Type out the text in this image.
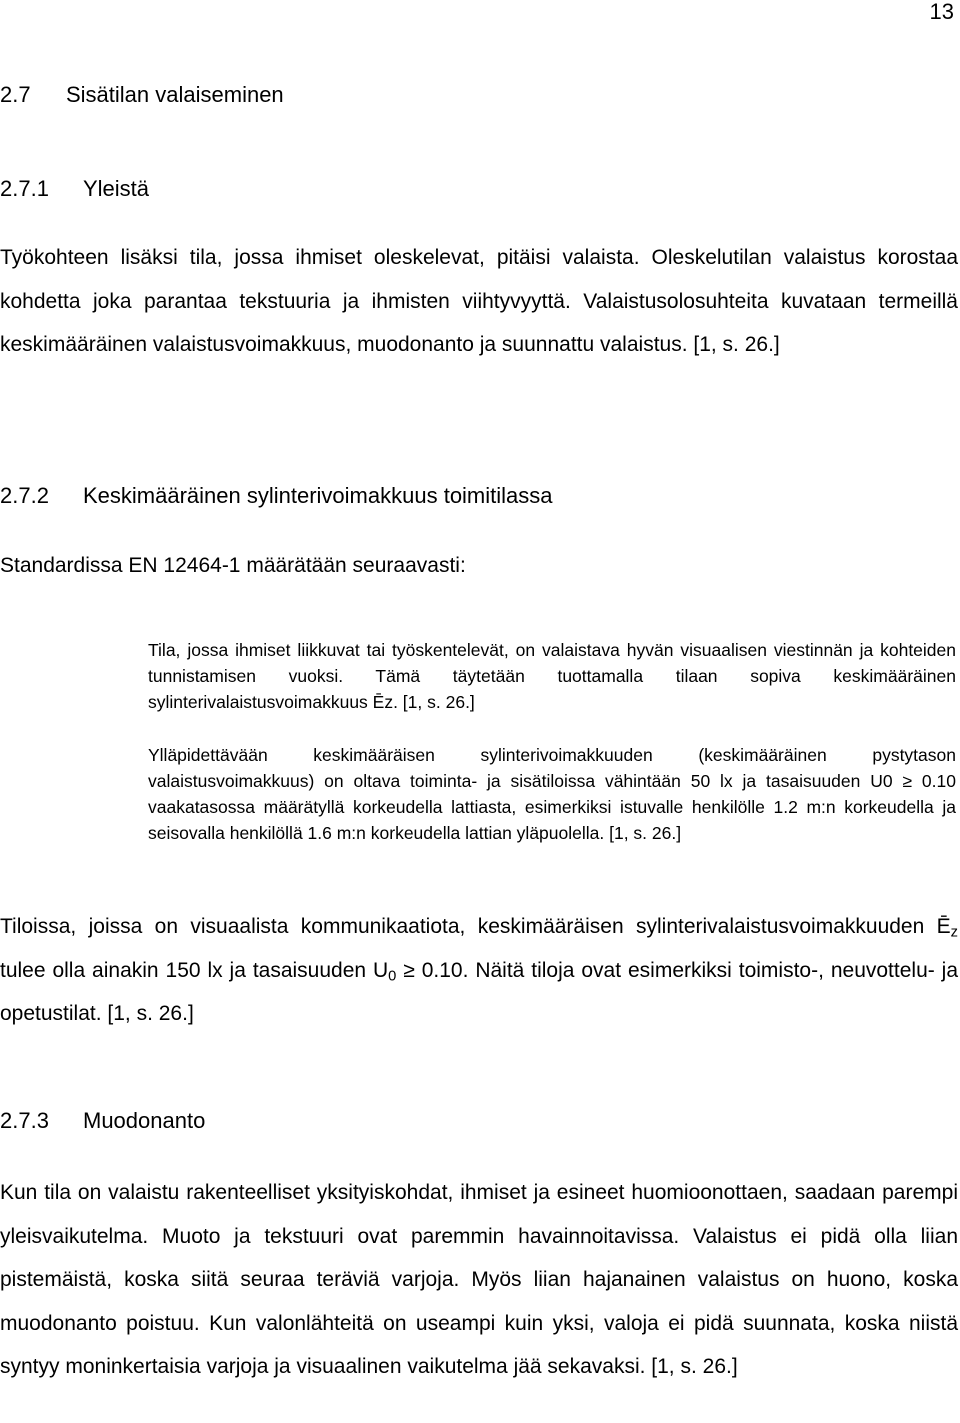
13
2.7 Sisätilan valaiseminen
2.7.1 Yleistä

Työkohteen lisäksi tila, jossa ihmiset oleskelevat, pitäisi valaista. Oleskelutilan valaistus korostaa kohdetta joka parantaa tekstuuria ja ihmisten viihtyvyyttä. Valaistusolosuhteita kuvataan termeillä keskimääräinen valaistusvoimakkuus, muodonanto ja suunnattu valaistus. [1, s. 26.]

2.7.2 Keskimääräinen sylinterivoimakkuus toimitilassa

Standardissa EN 12464-1 määrätään seuraavasti:

Tila, jossa ihmiset liikkuvat tai työskentelevät, on valaistava hyvän visuaalisen viestinnän ja kohteiden tunnistamisen vuoksi. Tämä täytetään tuottamalla tilaan sopiva keskimääräinen sylinterivalaistusvoimakkuus Ēz. [1, s. 26.]

Ylläpidettävään keskimääräisen sylinterivoimakkuuden (keskimääräinen pystytason valaistusvoimakkuus) on oltava toiminta- ja sisätiloissa vähintään 50 lx ja tasaisuuden U0 ≥ 0.10 vaakatasossa määrätyllä korkeudella lattiasta, esimerkiksi istuvalle henkilölle 1.2 m:n korkeudella ja seisovalla henkilöllä 1.6 m:n korkeudella lattian yläpuolella. [1, s. 26.]

Tiloissa, joissa on visuaalista kommunikaatiota, keskimääräisen sylinterivalaistusvoimakkuuden $Ē_z$ tulee olla ainakin 150 lx ja tasaisuuden $U_0 \ge 0.10$. Näitä tiloja ovat esimerkiksi toimisto-, neuvottelu- ja opetustilat. [1, s. 26.]

2.7.3 Muodonanto

Kun tila on valaistu rakenteelliset yksityiskohdat, ihmiset ja esineet huomioonottaen, saadaan parempi yleisvaikutelma. Muoto ja tekstuuri ovat paremmin havainnoitavissa. Valaistus ei pidä olla liian pistemäistä, koska siitä seuraa teräviä varjoja. Myös liian hajanainen valaistus on huono, koska muodonanto poistuu. Kun valonlähteitä on useampi kuin yksi, valoja ei pidä suunnata, koska niistä syntyy moninkertaisia varjoja ja visuaalinen vaikutelma jää sekavaksi. [1, s. 26.]
